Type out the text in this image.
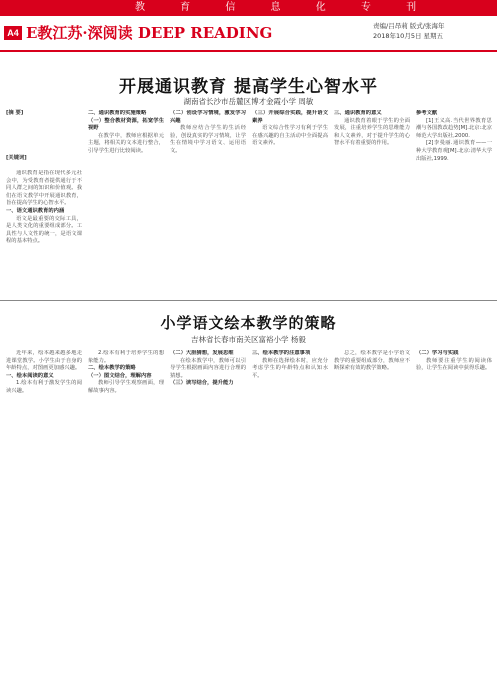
教 育 信 息 化 专 刊
A4 E教江苏·深阅读 DEEP READING	责编/吕昂莉 版式/张海年
2018年10月5日 星期五
开展通识教育 提高学生心智水平
湖南省长沙市岳麓区博才金霞小学 周敏
[摘 要]
[关键词]

通识教育是指在现代多元社会中，为受教育者提供通行于不同人群之间的知识和价值观。我们在语文教学中开展通识教育，旨在提高学生的心智水平。

一、语文通识教育的内涵

语文是最重要的交际工具，是人类文化的重要组成部分。工具性与人文性的统一，是语文课程的基本特点。

二、通识教育的实施策略

（一）整合教材资源，拓宽学生视野

在教学中，教师应根据单元主题，将相关的文本进行整合，引导学生进行比较阅读。

（二）创设学习情境，激发学习兴趣

教师应结合学生的生活经验，创设真实的学习情境，让学生在情境中学习语文、运用语文。

（三）开展综合实践，提升语文素养

语文综合性学习有利于学生在感兴趣的自主活动中全面提高语文素养。

三、通识教育的意义

通识教育着眼于学生的全面发展，注重培养学生的思维能力和人文素养，对于提升学生的心智水平有着重要的作用。

参考文献

[1]王义高.当代世界教育思潮与各国教改趋势[M].北京:北京师范大学出版社,2000.

[2]李曼丽.通识教育——一种大学教育观[M].北京:清华大学出版社,1999.

小学语文绘本教学的策略
吉林省长春市南关区富裕小学 杨毅

近年来，绘本越来越多地走进课堂教学。小学生由于自身的年龄特点，对图画更加感兴趣。

一、绘本阅读的意义

1.绘本有利于激发学生的阅读兴趣。

2.绘本有利于培养学生的想象能力。

二、绘本教学的策略

（一）图文结合，理解内容

教师引导学生观察画面，理解故事内容。

（二）大胆猜想，发展思维

在绘本教学中，教师可以引导学生根据画面内容进行合理的猜想。

（三）读写结合，提升能力

三、绘本教学的注意事项

教师在选择绘本时，应充分考虑学生的年龄特点和认知水平。

总之，绘本教学是小学语文教学的重要组成部分，教师应不断探索有效的教学策略。

（二）学习与实践

教师要注重学生的阅读体验，让学生在阅读中获得乐趣。
